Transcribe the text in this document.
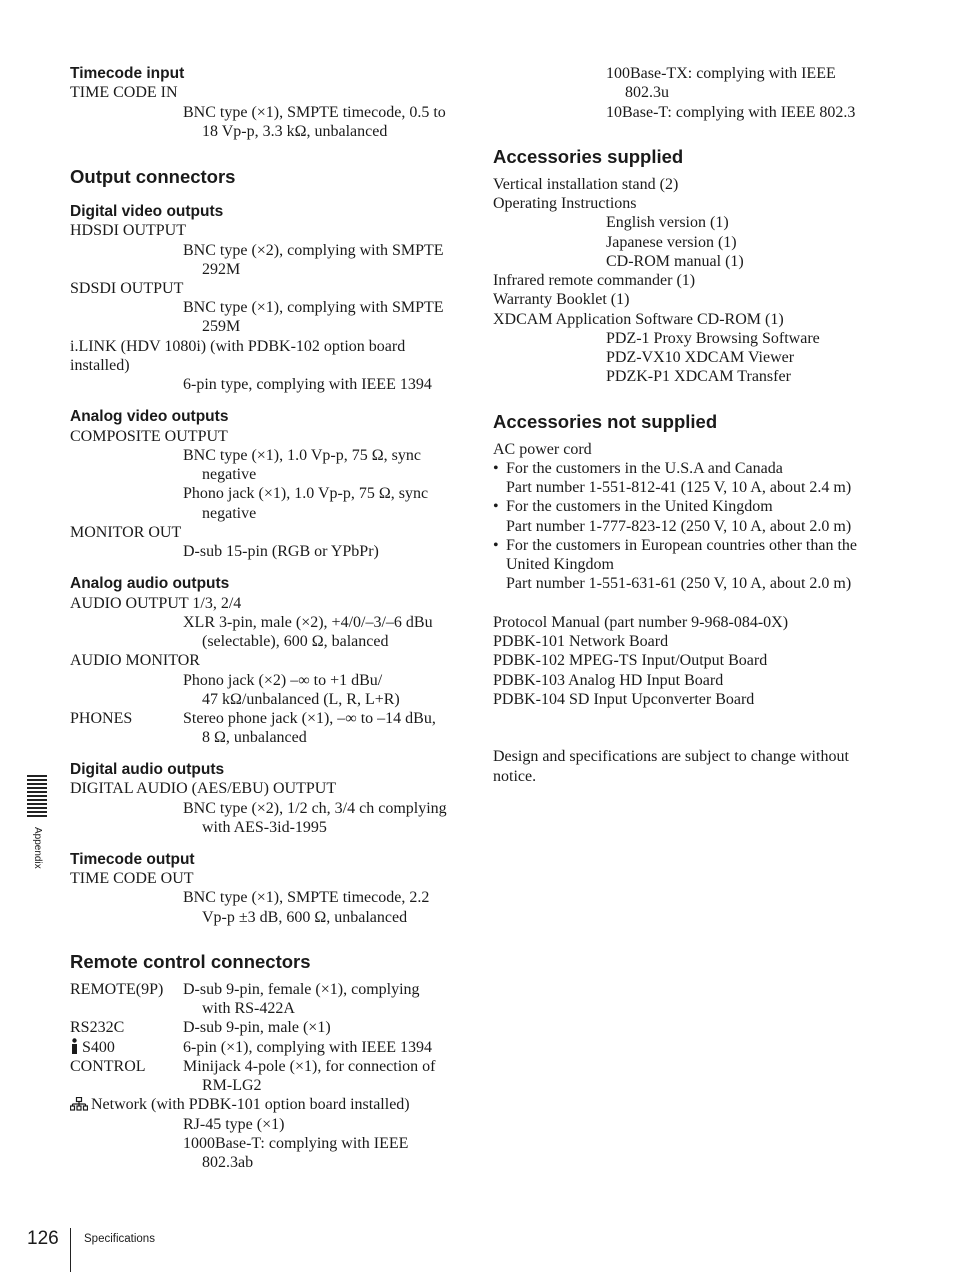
Timecode input
TIME CODE IN
BNC type (×1), SMPTE timecode, 0.5 to
18 Vp-p, 3.3 kΩ, unbalanced
Output connectors
Digital video outputs
HDSDI OUTPUT
BNC type (×2), complying with SMPTE
292M
SDSDI OUTPUT
BNC type (×1), complying with SMPTE
259M
i.LINK (HDV 1080i) (with PDBK-102 option board
installed)
6-pin type, complying with IEEE 1394
Analog video outputs
COMPOSITE OUTPUT
BNC type (×1), 1.0 Vp-p, 75 Ω, sync
negative
Phono jack (×1), 1.0 Vp-p, 75 Ω, sync
negative
MONITOR OUT
D-sub 15-pin (RGB or YPbPr)
Analog audio outputs
AUDIO OUTPUT 1/3, 2/4
XLR 3-pin, male (×2), +4/0/–3/–6 dBu
(selectable), 600 Ω, balanced
AUDIO MONITOR
Phono jack (×2) –∞ to +1 dBu/
47 kΩ/unbalanced (L, R, L+R)
PHONES	Stereo phone jack (×1), –∞ to –14 dBu,
8 Ω, unbalanced
Digital audio outputs
DIGITAL AUDIO (AES/EBU) OUTPUT
BNC type (×2), 1/2 ch, 3/4 ch complying
with AES-3id-1995
Timecode output
TIME CODE OUT
BNC type (×1), SMPTE timecode, 2.2
Vp-p ±3 dB, 600 Ω, unbalanced
Remote control connectors
REMOTE(9P) D-sub 9-pin, female (×1), complying
with RS-422A
RS232C	D-sub 9-pin, male (×1)
S400	6-pin (×1), complying with IEEE 1394
CONTROL Minijack 4-pole (×1), for connection of
RM-LG2
Network (with PDBK-101 option board installed)
RJ-45 type (×1)
1000Base-T: complying with IEEE
802.3ab
100Base-TX: complying with IEEE
802.3u
10Base-T: complying with IEEE 802.3
Accessories supplied
Vertical installation stand (2)
Operating Instructions
English version (1)
Japanese version (1)
CD-ROM manual (1)
Infrared remote commander (1)
Warranty Booklet (1)
XDCAM Application Software CD-ROM (1)
PDZ-1 Proxy Browsing Software
PDZ-VX10 XDCAM Viewer
PDZK-P1 XDCAM Transfer
Accessories not supplied
AC power cord
• For the customers in the U.S.A and Canada
Part number 1-551-812-41 (125 V, 10 A, about 2.4 m)
• For the customers in the United Kingdom
Part number 1-777-823-12 (250 V, 10 A, about 2.0 m)
• For the customers in European countries other than the
United Kingdom
Part number 1-551-631-61 (250 V, 10 A, about 2.0 m)
Protocol Manual (part number 9-968-084-0X)
PDBK-101 Network Board
PDBK-102 MPEG-TS Input/Output Board
PDBK-103 Analog HD Input Board
PDBK-104 SD Input Upconverter Board
Design and specifications are subject to change without
notice.
Appendix
126 Specifications
